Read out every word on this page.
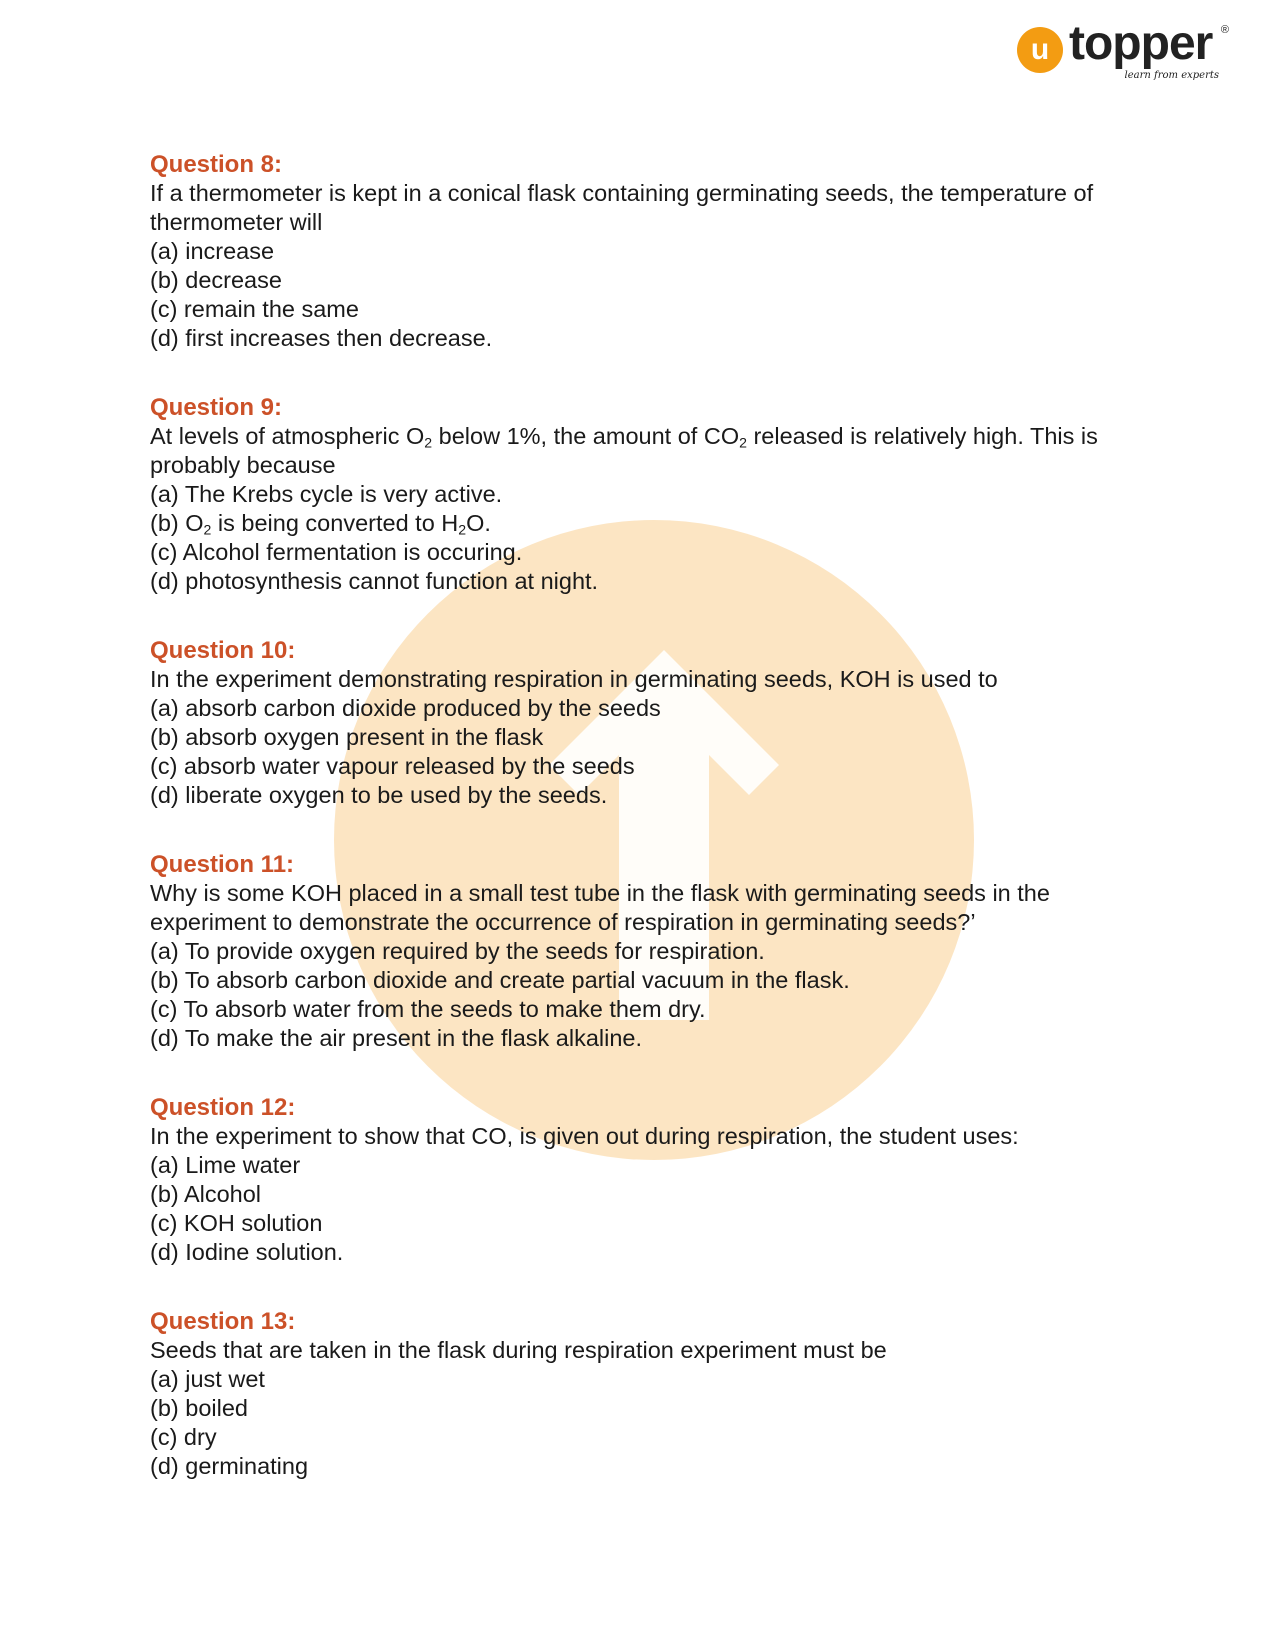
u topper ®
learn from experts
Question 8:
If a thermometer is kept in a conical flask containing germinating seeds, the temperature of thermometer will
(a) increase
(b) decrease
(c) remain the same
(d) first increases then decrease.
Question 9:
At levels of atmospheric $O_2$ below 1%, the amount of $CO_2$ released is relatively high. This is probably because
(a) The Krebs cycle is very active.
(b) $O_2$ is being converted to $H_2O$.
(c) Alcohol fermentation is occuring.
(d) photosynthesis cannot function at night.
Question 10:
In the experiment demonstrating respiration in germinating seeds, KOH is used to
(a) absorb carbon dioxide produced by the seeds
(b) absorb oxygen present in the flask
(c) absorb water vapour released by the seeds
(d) liberate oxygen to be used by the seeds.
Question 11:
Why is some KOH placed in a small test tube in the flask with germinating seeds in the experiment to demonstrate the occurrence of respiration in germinating seeds?’
(a) To provide oxygen required by the seeds for respiration.
(b) To absorb carbon dioxide and create partial vacuum in the flask.
(c) To absorb water from the seeds to make them dry.
(d) To make the air present in the flask alkaline.
Question 12:
In the experiment to show that CO, is given out during respiration, the student uses:
(a) Lime water
(b) Alcohol
(c) KOH solution
(d) Iodine solution.
Question 13:
Seeds that are taken in the flask during respiration experiment must be
(a) just wet
(b) boiled
(c) dry
(d) germinating
